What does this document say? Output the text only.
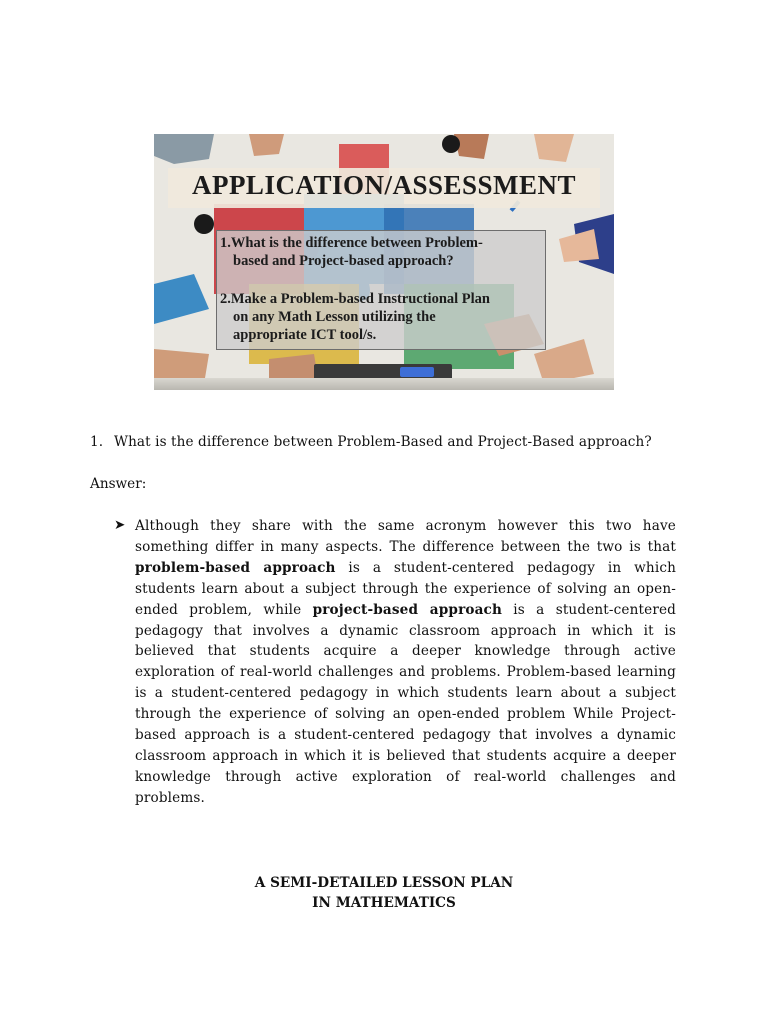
APPLICATION/ASSESSMENT
1.What is the difference between Problem-
based and Project-based approach?
2.Make a Problem-based Instructional Plan
on any Math Lesson utilizing the
appropriate ICT tool/s.
1. What is the difference between Problem-Based and Project-Based approach?
Answer:
➤ Although they share with the same acronym however this two have something differ in many aspects. The difference between the two is that problem-based approach is a student-centered pedagogy in which students learn about a subject through the experience of solving an open-ended problem, while project-based approach is a student-centered pedagogy that involves a dynamic classroom approach in which it is believed that students acquire a deeper knowledge through active exploration of real-world challenges and problems. Problem-based learning is a student-centered pedagogy in which students learn about a subject through the experience of solving an open-ended problem While Project-based approach is a student-centered pedagogy that involves a dynamic classroom approach in which it is believed that students acquire a deeper knowledge through active exploration of real-world challenges and problems.
A SEMI-DETAILED LESSON PLAN
IN MATHEMATICS
